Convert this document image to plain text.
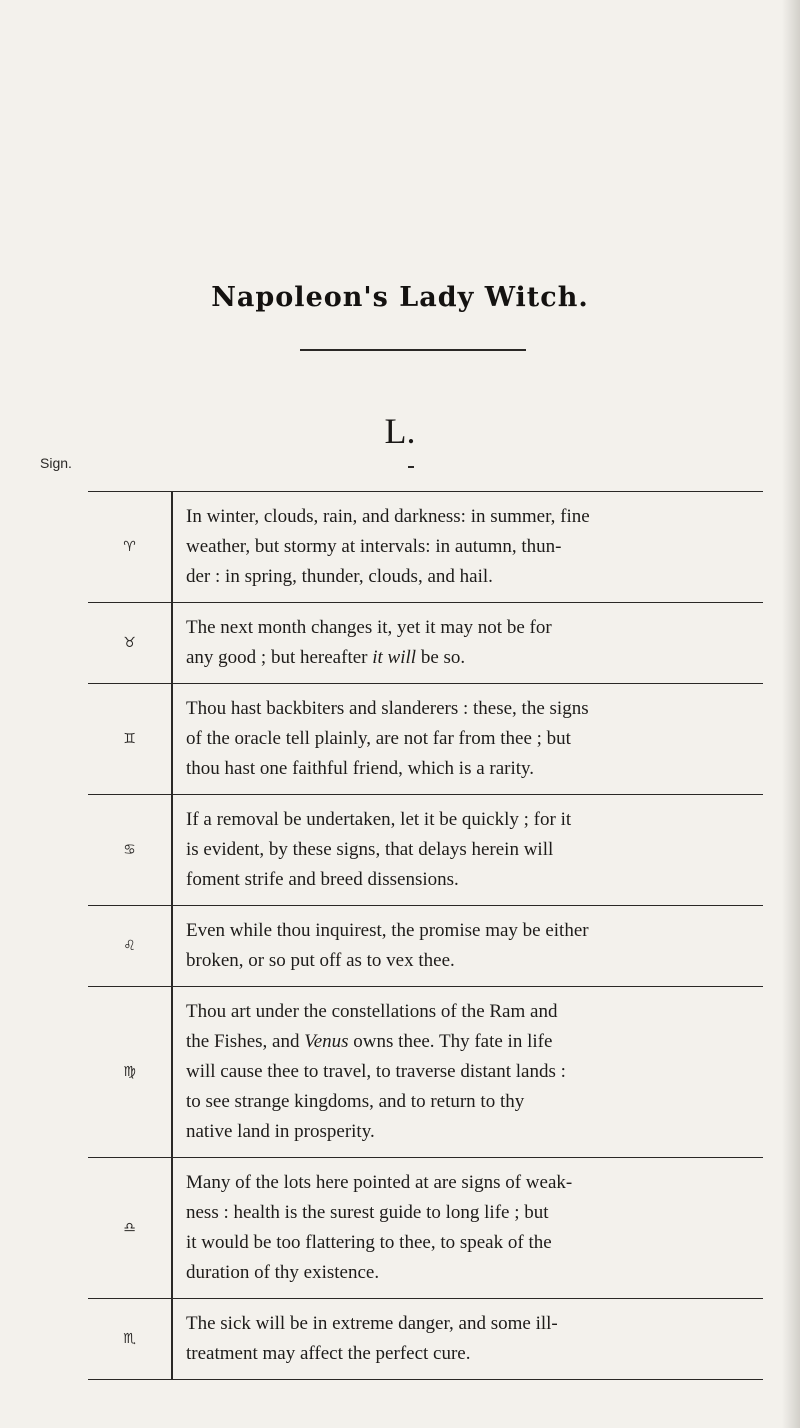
Napoleon's Lady Witch.
L.
Sign.
♈
In winter, clouds, rain, and darkness: in summer, fine
weather, but stormy at intervals: in autumn, thun-
der : in spring, thunder, clouds, and hail.
♉
The next month changes it, yet it may not be for
any good ; but hereafter it will be so.
♊
Thou hast backbiters and slanderers : these, the signs
of the oracle tell plainly, are not far from thee ; but
thou hast one faithful friend, which is a rarity.
♋
If a removal be undertaken, let it be quickly ; for it
is evident, by these signs, that delays herein will
foment strife and breed dissensions.
♌
Even while thou inquirest, the promise may be either
broken, or so put off as to vex thee.
♍
Thou art under the constellations of the Ram and
the Fishes, and Venus owns thee. Thy fate in life
will cause thee to travel, to traverse distant lands :
to see strange kingdoms, and to return to thy
native land in prosperity.
♎
Many of the lots here pointed at are signs of weak-
ness : health is the surest guide to long life ; but
it would be too flattering to thee, to speak of the
duration of thy existence.
♏
The sick will be in extreme danger, and some ill-
treatment may affect the perfect cure.
